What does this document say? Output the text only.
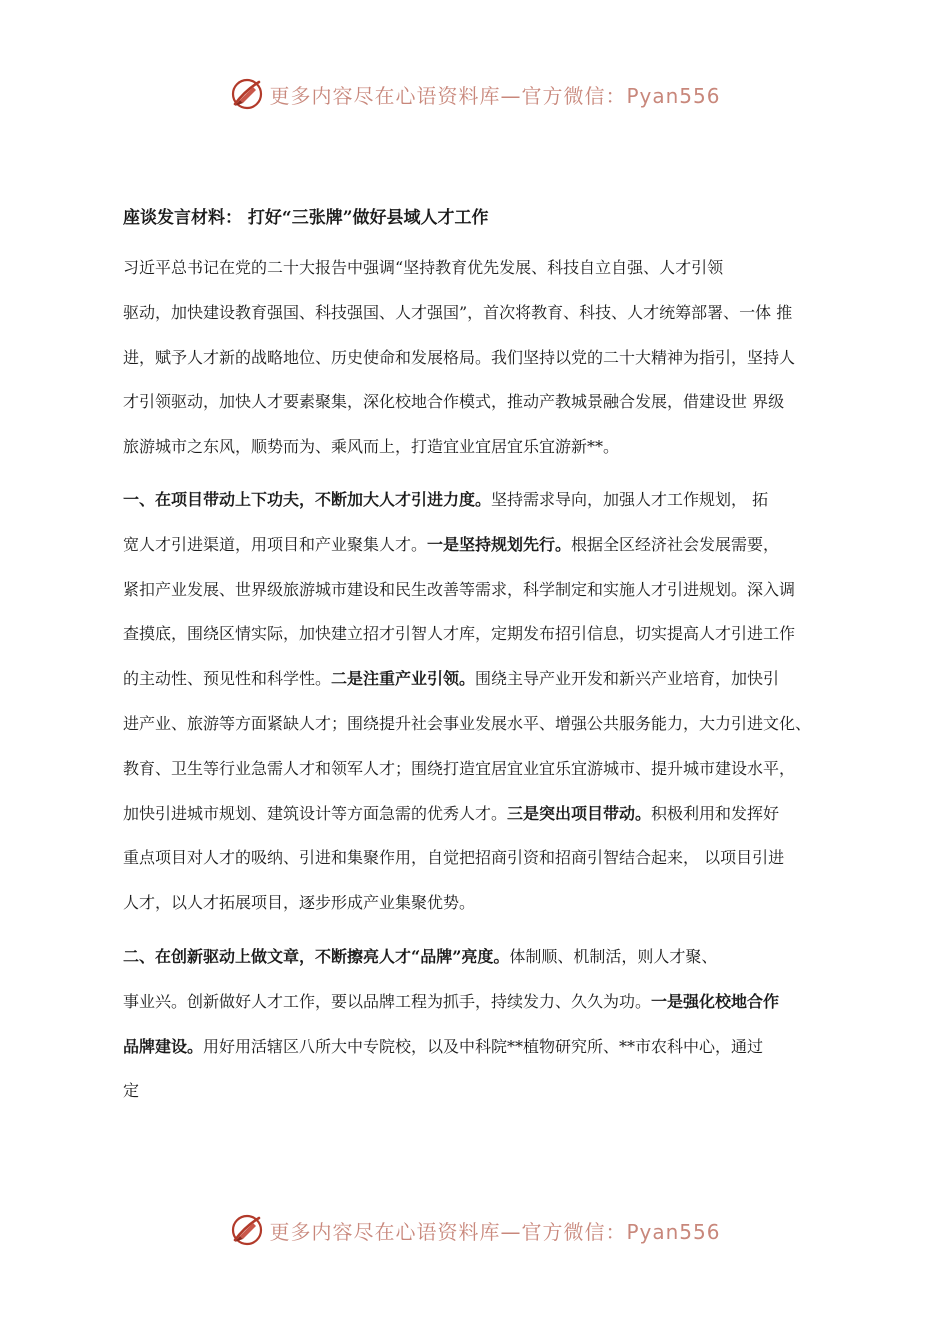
更多内容尽在心语资料库—官方微信：Pyan556
座谈发言材料： 打好“三张牌”做好县域人才工作
习近平总书记在党的二十大报告中强调“坚持教育优先发展、科技自立自强、人才引领
驱动，加快建设教育强国、科技强国、人才强国”，首次将教育、科技、人才统筹部署、一体 推
进，赋予人才新的战略地位、历史使命和发展格局。我们坚持以党的二十大精神为指引，坚持人
才引领驱动，加快人才要素聚集，深化校地合作模式，推动产教城景融合发展，借建设世 界级
旅游城市之东风，顺势而为、乘风而上，打造宜业宜居宜乐宜游新**。
一、在项目带动上下功夫，不断加大人才引进力度。坚持需求导向，加强人才工作规划， 拓
宽人才引进渠道，用项目和产业聚集人才。一是坚持规划先行。根据全区经济社会发展需要，
紧扣产业发展、世界级旅游城市建设和民生改善等需求，科学制定和实施人才引进规划。深入调
查摸底，围绕区情实际，加快建立招才引智人才库，定期发布招引信息，切实提高人才引进工作
的主动性、预见性和科学性。二是注重产业引领。围绕主导产业开发和新兴产业培育，加快引
进产业、旅游等方面紧缺人才；围绕提升社会事业发展水平、增强公共服务能力，大力引进文化、
教育、卫生等行业急需人才和领军人才；围绕打造宜居宜业宜乐宜游城市、提升城市建设水平，
加快引进城市规划、建筑设计等方面急需的优秀人才。三是突出项目带动。积极利用和发挥好
重点项目对人才的吸纳、引进和集聚作用，自觉把招商引资和招商引智结合起来， 以项目引进
人才，以人才拓展项目，逐步形成产业集聚优势。
二、在创新驱动上做文章，不断擦亮人才“品牌”亮度。体制顺、机制活，则人才聚、
事业兴。创新做好人才工作，要以品牌工程为抓手，持续发力、久久为功。一是强化校地合作
品牌建设。用好用活辖区八所大中专院校，以及中科院**植物研究所、**市农科中心，通过
定
更多内容尽在心语资料库—官方微信：Pyan556
